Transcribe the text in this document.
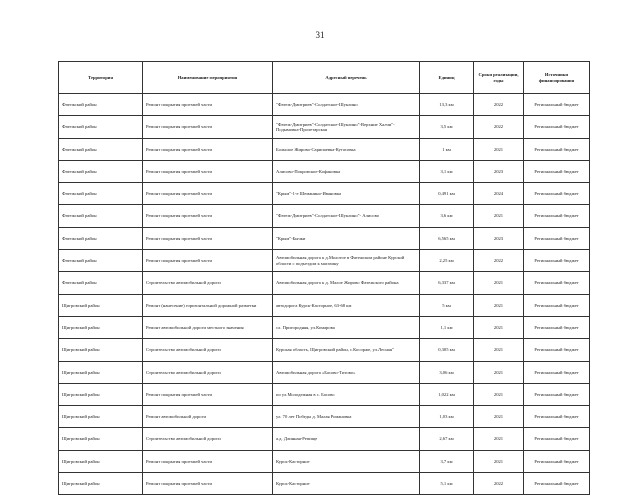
31
Территория	Наименование мероприятия	Адресный перечень	Единиц	Сроки реализации, годы	Источники финансирования
Фатежский район	Ремонт покрытия проезжей части	"Фатеж-Дмитриев"-Солдатское-Шуклино	13,3 км	2022	Региональный бюджет
Фатежский район	Ремонт покрытия проезжей части	"Фатеж-Дмитриев"-Солдатское-Шуклино"-Верхние Халчи"-Подымовка-Пролетарская	3,5 км	2022	Региональный бюджет
Фатежский район	Ремонт покрытия проезжей части	Большое Жирово-Сарипаевка-Кутасовка	1 км	2021	Региональный бюджет
Фатежский район	Ремонт покрытия проезжей части	Алисово-Покровское-Кофановка	3,1 км	2023	Региональный бюджет
Фатежский район	Ремонт покрытия проезжей части	"Крым"-1-е Шеманино-Ивановка	0,491 км	2024	Региональный бюджет
Фатежский район	Ремонт покрытия проезжей части	"Фатеж-Дмитриев"-Солдатское-Шуклино"- Алисово	3,6 км	2021	Региональный бюджет
Фатежский район	Ремонт покрытия проезжей части	"Крым"-Бычки	6,565 км	2023	Региональный бюджет
Фатежский район	Ремонт покрытия проезжей части	Автомобильная дорога к д.Молотое в Фатежском районе Курской области с подъездом к магазину	2,25 км	2022	Региональный бюджет
Фатежский район	Строительство автомобильной дороги	Автомобильная дорога к д. Малое Жирово Фатежского района	6,337 км	2021	Региональный бюджет
Щигровский район	Ремонт (нанесение) горизонтальной дорожной разметки	автодорога Курск-Касторное, 63-68 км	5 км	2021	Региональный бюджет
Щигровский район	Ремонт автомобильной дороги местного значения	сл. Пригородняя, ул.Комарова	1,1 км	2021	Региональный бюджет
Щигровский район	Строительство автомобильной дороги	Курская область, Щигровский район, с.Косорже, ул.Лесная"	0,305 км	2021	Региональный бюджет
Щигровский район	Строительство автомобильной дороги	Автомобильная дорога «Басово-Титово»	3,06 км	2021	Региональный бюджет
Щигровский район	Ремонт покрытия проезжей части	по ул.Молодежная в с. Басово	1,022 км	2021	Региональный бюджет
Щигровский район	Ремонт автомобильной дороги	ул. 70 лет Победы д. Малая Романовка	1,03 км	2021	Региональный бюджет
Щигровский район	Строительство автомобильной дороги	а.д. Длинная-Репище	2,67 км	2021	Региональный бюджет
Щигровский район	Ремонт покрытия проезжей части	Курск-Касторное	3,7 км	2021	Региональный бюджет
Щигровский район	Ремонт покрытия проезжей части	Курск-Касторное	5,1 км	2022	Региональный бюджет
